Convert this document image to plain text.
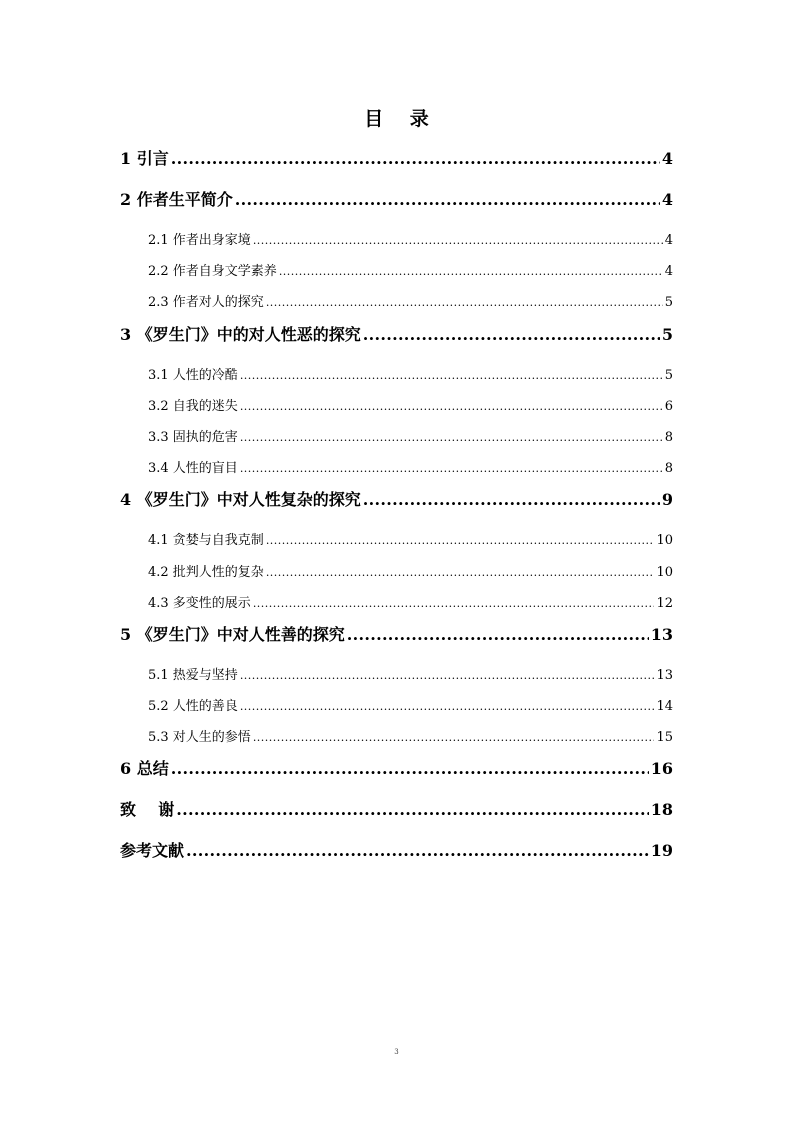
目    录
1 引言 .....	4
2 作者生平简介 .....	4
2.1 作者出身家境 .....	4
2.2 作者自身文学素养 .....	4
2.3 作者对人的探究 .....	5
3 《罗生门》中的对人性恶的探究 .....	5
3.1 人性的冷酷 .....	5
3.2 自我的迷失 .....	6
3.3 固执的危害 .....	8
3.4 人性的盲目 .....	8
4 《罗生门》中对人性复杂的探究 .....	9
4.1 贪婪与自我克制 .....	10
4.2 批判人性的复杂 .....	10
4.3 多变性的展示 .....	12
5 《罗生门》中对人性善的探究 .....	13
5.1 热爱与坚持 .....	13
5.2 人性的善良 .....	14
5.3 对人生的参悟 .....	15
6 总结 .....	16
致    谢 .....	18
参考文献 .....	19
3
